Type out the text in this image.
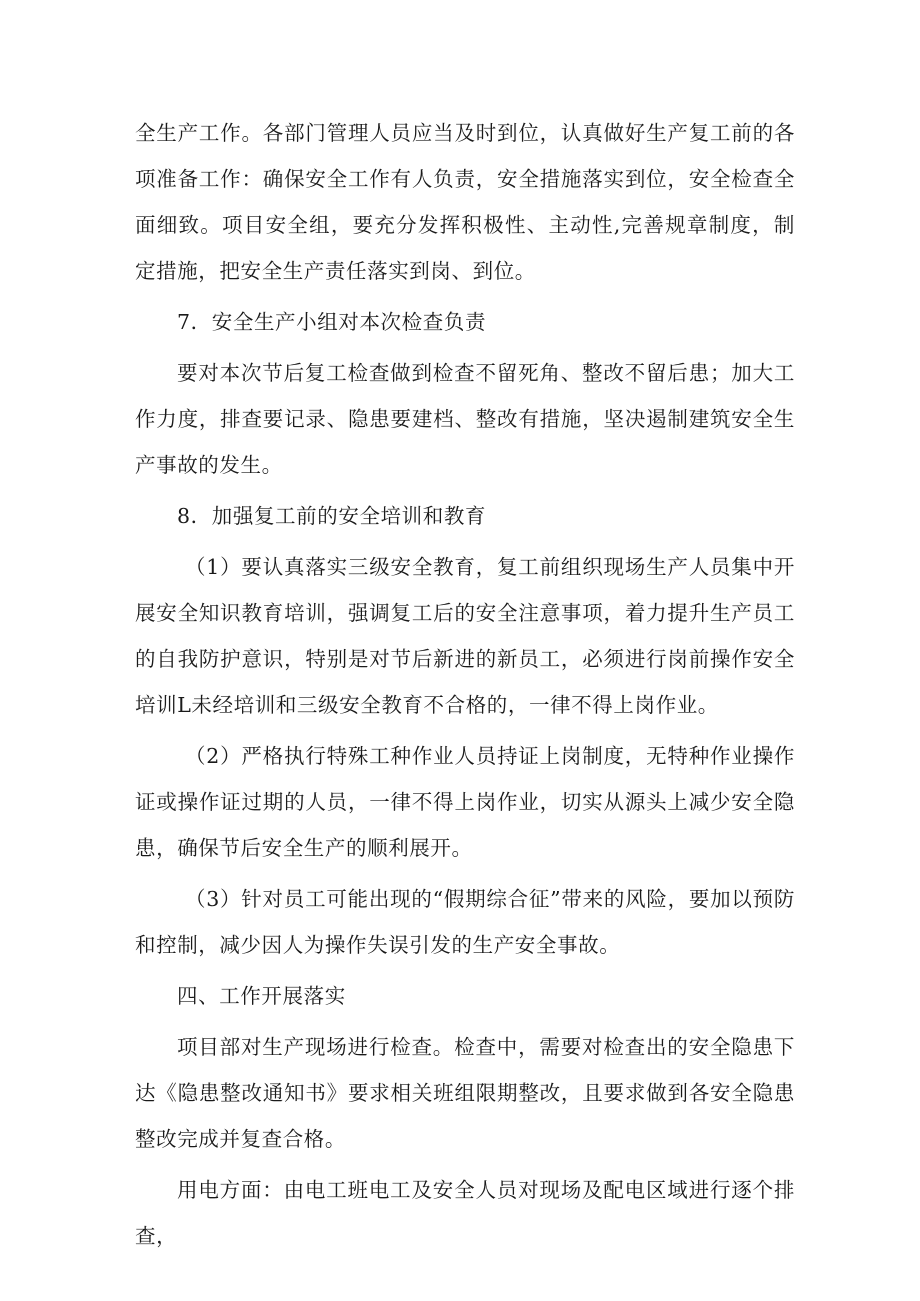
全生产工作。各部门管理人员应当及时到位，认真做好生产复工前的各项准备工作：确保安全工作有人负责，安全措施落实到位，安全检查全面细致。项目安全组，要充分发挥积极性、主动性,完善规章制度，制定措施，把安全生产责任落实到岗、到位。

7．安全生产小组对本次检查负责

要对本次节后复工检查做到检查不留死角、整改不留后患；加大工作力度，排查要记录、隐患要建档、整改有措施，坚决遏制建筑安全生产事故的发生。

8．加强复工前的安全培训和教育

（1）要认真落实三级安全教育，复工前组织现场生产人员集中开展安全知识教育培训，强调复工后的安全注意事项，着力提升生产员工的自我防护意识，特别是对节后新进的新员工，必须进行岗前操作安全培训L未经培训和三级安全教育不合格的，一律不得上岗作业。

（2）严格执行特殊工种作业人员持证上岗制度，无特种作业操作证或操作证过期的人员，一律不得上岗作业，切实从源头上减少安全隐患，确保节后安全生产的顺利展开。

（3）针对员工可能出现的“假期综合征”带来的风险，要加以预防和控制，减少因人为操作失误引发的生产安全事故。

四、工作开展落实

项目部对生产现场进行检查。检查中，需要对检查出的安全隐患下达《隐患整改通知书》要求相关班组限期整改，且要求做到各安全隐患整改完成并复查合格。

用电方面：由电工班电工及安全人员对现场及配电区域进行逐个排查，
